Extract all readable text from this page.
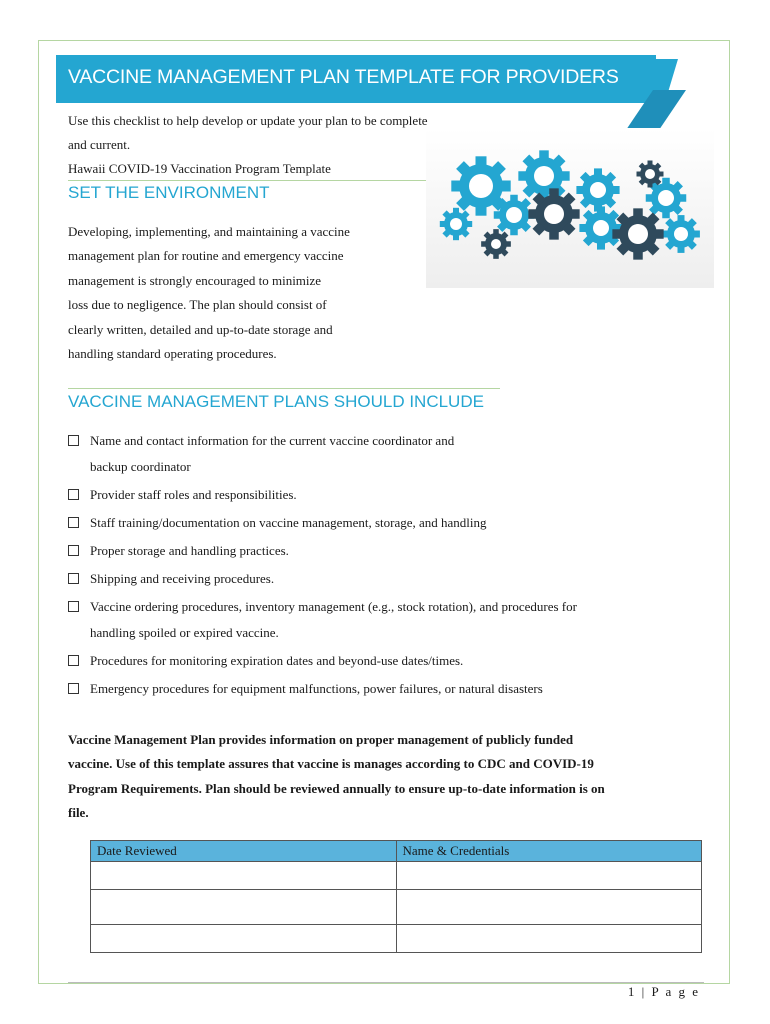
VACCINE MANAGEMENT PLAN TEMPLATE FOR PROVIDERS

Use this checklist to help develop or update your plan to be complete

and current.

Hawaii COVID-19 Vaccination Program Template

SET THE ENVIRONMENT

Developing, implementing, and maintaining a vaccine

management plan for routine and emergency vaccine

management is strongly encouraged to minimize

loss due to negligence. The plan should consist of

clearly written, detailed and up-to-date storage and

handling standard operating procedures.

VACCINE MANAGEMENT PLANS SHOULD INCLUDE
Name and contact information for the current vaccine coordinator and
backup coordinator
Provider staff roles and responsibilities.
Staff training/documentation on vaccine management, storage, and handling
Proper storage and handling practices.
Shipping and receiving procedures.
Vaccine ordering procedures, inventory management (e.g., stock rotation), and procedures for
handling spoiled or expired vaccine.
Procedures for monitoring expiration dates and beyond-use dates/times.
Emergency procedures for equipment malfunctions, power failures, or natural disasters

Vaccine Management Plan provides information on proper management of publicly funded

vaccine. Use of this template assures that vaccine is manages according to CDC and COVID-19

Program Requirements. Plan should be reviewed annually to ensure up-to-date information is on

file.

Date Reviewed	Name & Credentials

1 | P a g e
